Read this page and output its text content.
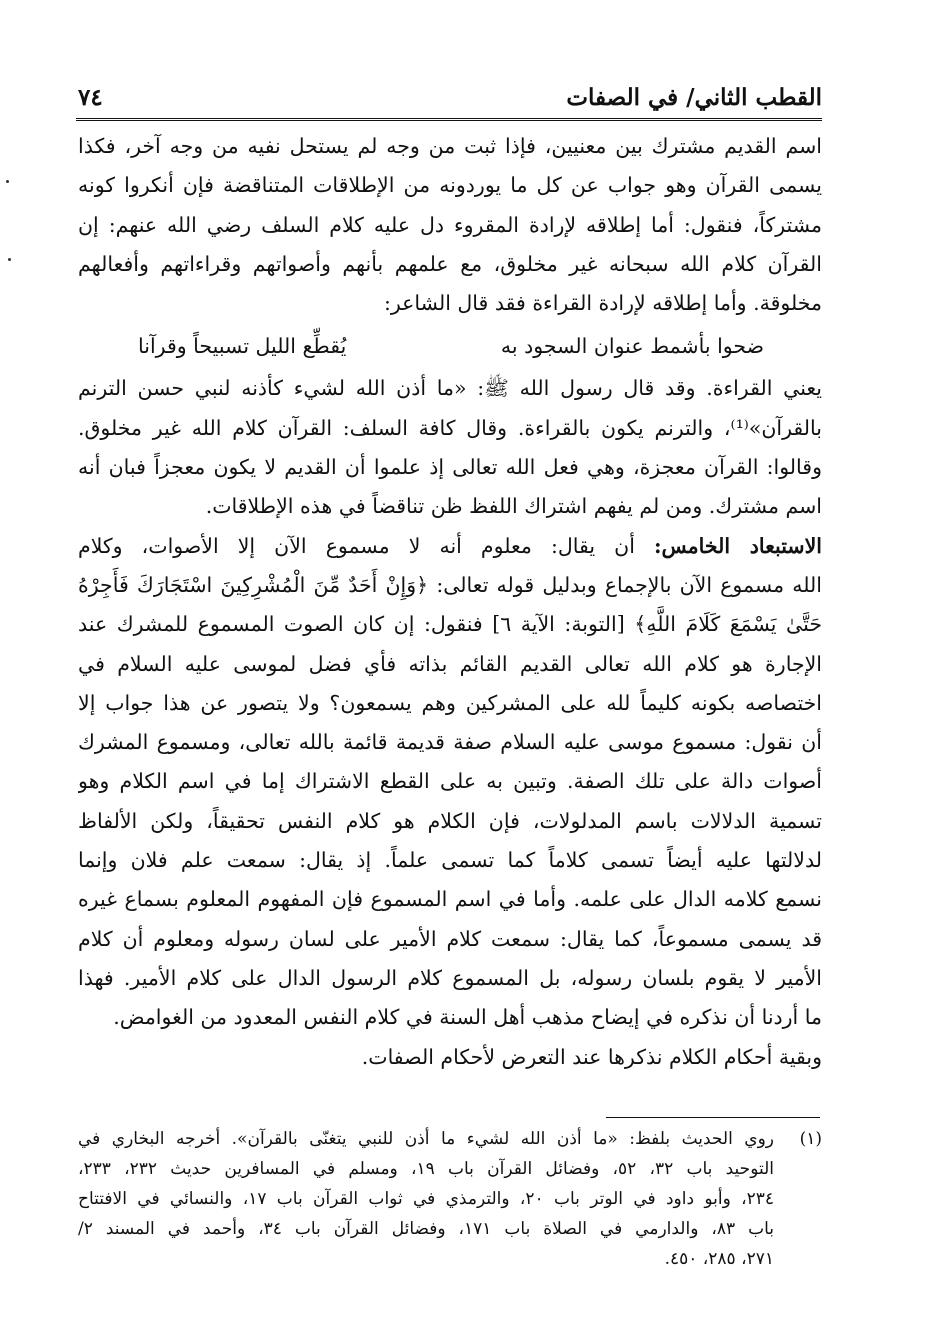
القطب الثاني/ في الصفات
٧٤
اسم القديم مشترك بين معنيين، فإذا ثبت من وجه لم يستحل نفيه من وجه آخر، فكذا
يسمى القرآن وهو جواب عن كل ما يوردونه من الإطلاقات المتناقضة فإن أنكروا كونه
مشتركاً، فنقول: أما إطلاقه لإرادة المقروء دل عليه كلام السلف رضي الله عنهم: إن
القرآن كلام الله سبحانه غير مخلوق، مع علمهم بأنهم وأصواتهم وقراءاتهم وأفعالهم
مخلوقة. وأما إطلاقه لإرادة القراءة فقد قال الشاعر:
ضحوا بأشمط عنوان السجود به
يُقطِّع الليل تسبيحاً وقرآنا
يعني القراءة. وقد قال رسول الله ﷺ: «ما أذن الله لشيء كأذنه لنبي حسن الترنم
بالقرآن»⁽¹⁾، والترنم يكون بالقراءة. وقال كافة السلف: القرآن كلام الله غير مخلوق.
وقالوا: القرآن معجزة، وهي فعل الله تعالى إذ علموا أن القديم لا يكون معجزاً فبان أنه
اسم مشترك. ومن لم يفهم اشتراك اللفظ ظن تناقضاً في هذه الإطلاقات.
الاستبعاد الخامس: أن يقال: معلوم أنه لا مسموع الآن إلا الأصوات، وكلام
الله مسموع الآن بالإجماع وبدليل قوله تعالى: ﴿وَإِنْ أَحَدٌ مِّنَ الْمُشْرِكِينَ اسْتَجَارَكَ فَأَجِرْهُ
حَتَّىٰ يَسْمَعَ كَلَامَ اللَّهِ﴾ [التوبة: الآية ٦] فنقول: إن كان الصوت المسموع للمشرك عند
الإجارة هو كلام الله تعالى القديم القائم بذاته فأي فضل لموسى عليه السلام في
اختصاصه بكونه كليماً لله على المشركين وهم يسمعون؟ ولا يتصور عن هذا جواب إلا
أن نقول: مسموع موسى عليه السلام صفة قديمة قائمة بالله تعالى، ومسموع المشرك
أصوات دالة على تلك الصفة. وتبين به على القطع الاشتراك إما في اسم الكلام وهو
تسمية الدلالات باسم المدلولات، فإن الكلام هو كلام النفس تحقيقاً، ولكن الألفاظ
لدلالتها عليه أيضاً تسمى كلاماً كما تسمى علماً. إذ يقال: سمعت علم فلان وإنما
نسمع كلامه الدال على علمه. وأما في اسم المسموع فإن المفهوم المعلوم بسماع غيره
قد يسمى مسموعاً، كما يقال: سمعت كلام الأمير على لسان رسوله ومعلوم أن كلام
الأمير لا يقوم بلسان رسوله، بل المسموع كلام الرسول الدال على كلام الأمير. فهذا
ما أردنا أن نذكره في إيضاح مذهب أهل السنة في كلام النفس المعدود من الغوامض.
وبقية أحكام الكلام نذكرها عند التعرض لأحكام الصفات.
(١)
روي الحديث بلفظ: «ما أذن الله لشيء ما أذن للنبي يتغنّى بالقرآن». أخرجه البخاري في
التوحيد باب ٣٢، ٥٢، وفضائل القرآن باب ١٩، ومسلم في المسافرين حديث ٢٣٢، ٢٣٣،
٢٣٤، وأبو داود في الوتر باب ٢٠، والترمذي في ثواب القرآن باب ١٧، والنسائي في الافتتاح
باب ٨٣، والدارمي في الصلاة باب ١٧١، وفضائل القرآن باب ٣٤، وأحمد في المسند ٢/
٢٧١، ٢٨٥، ٤٥٠.
